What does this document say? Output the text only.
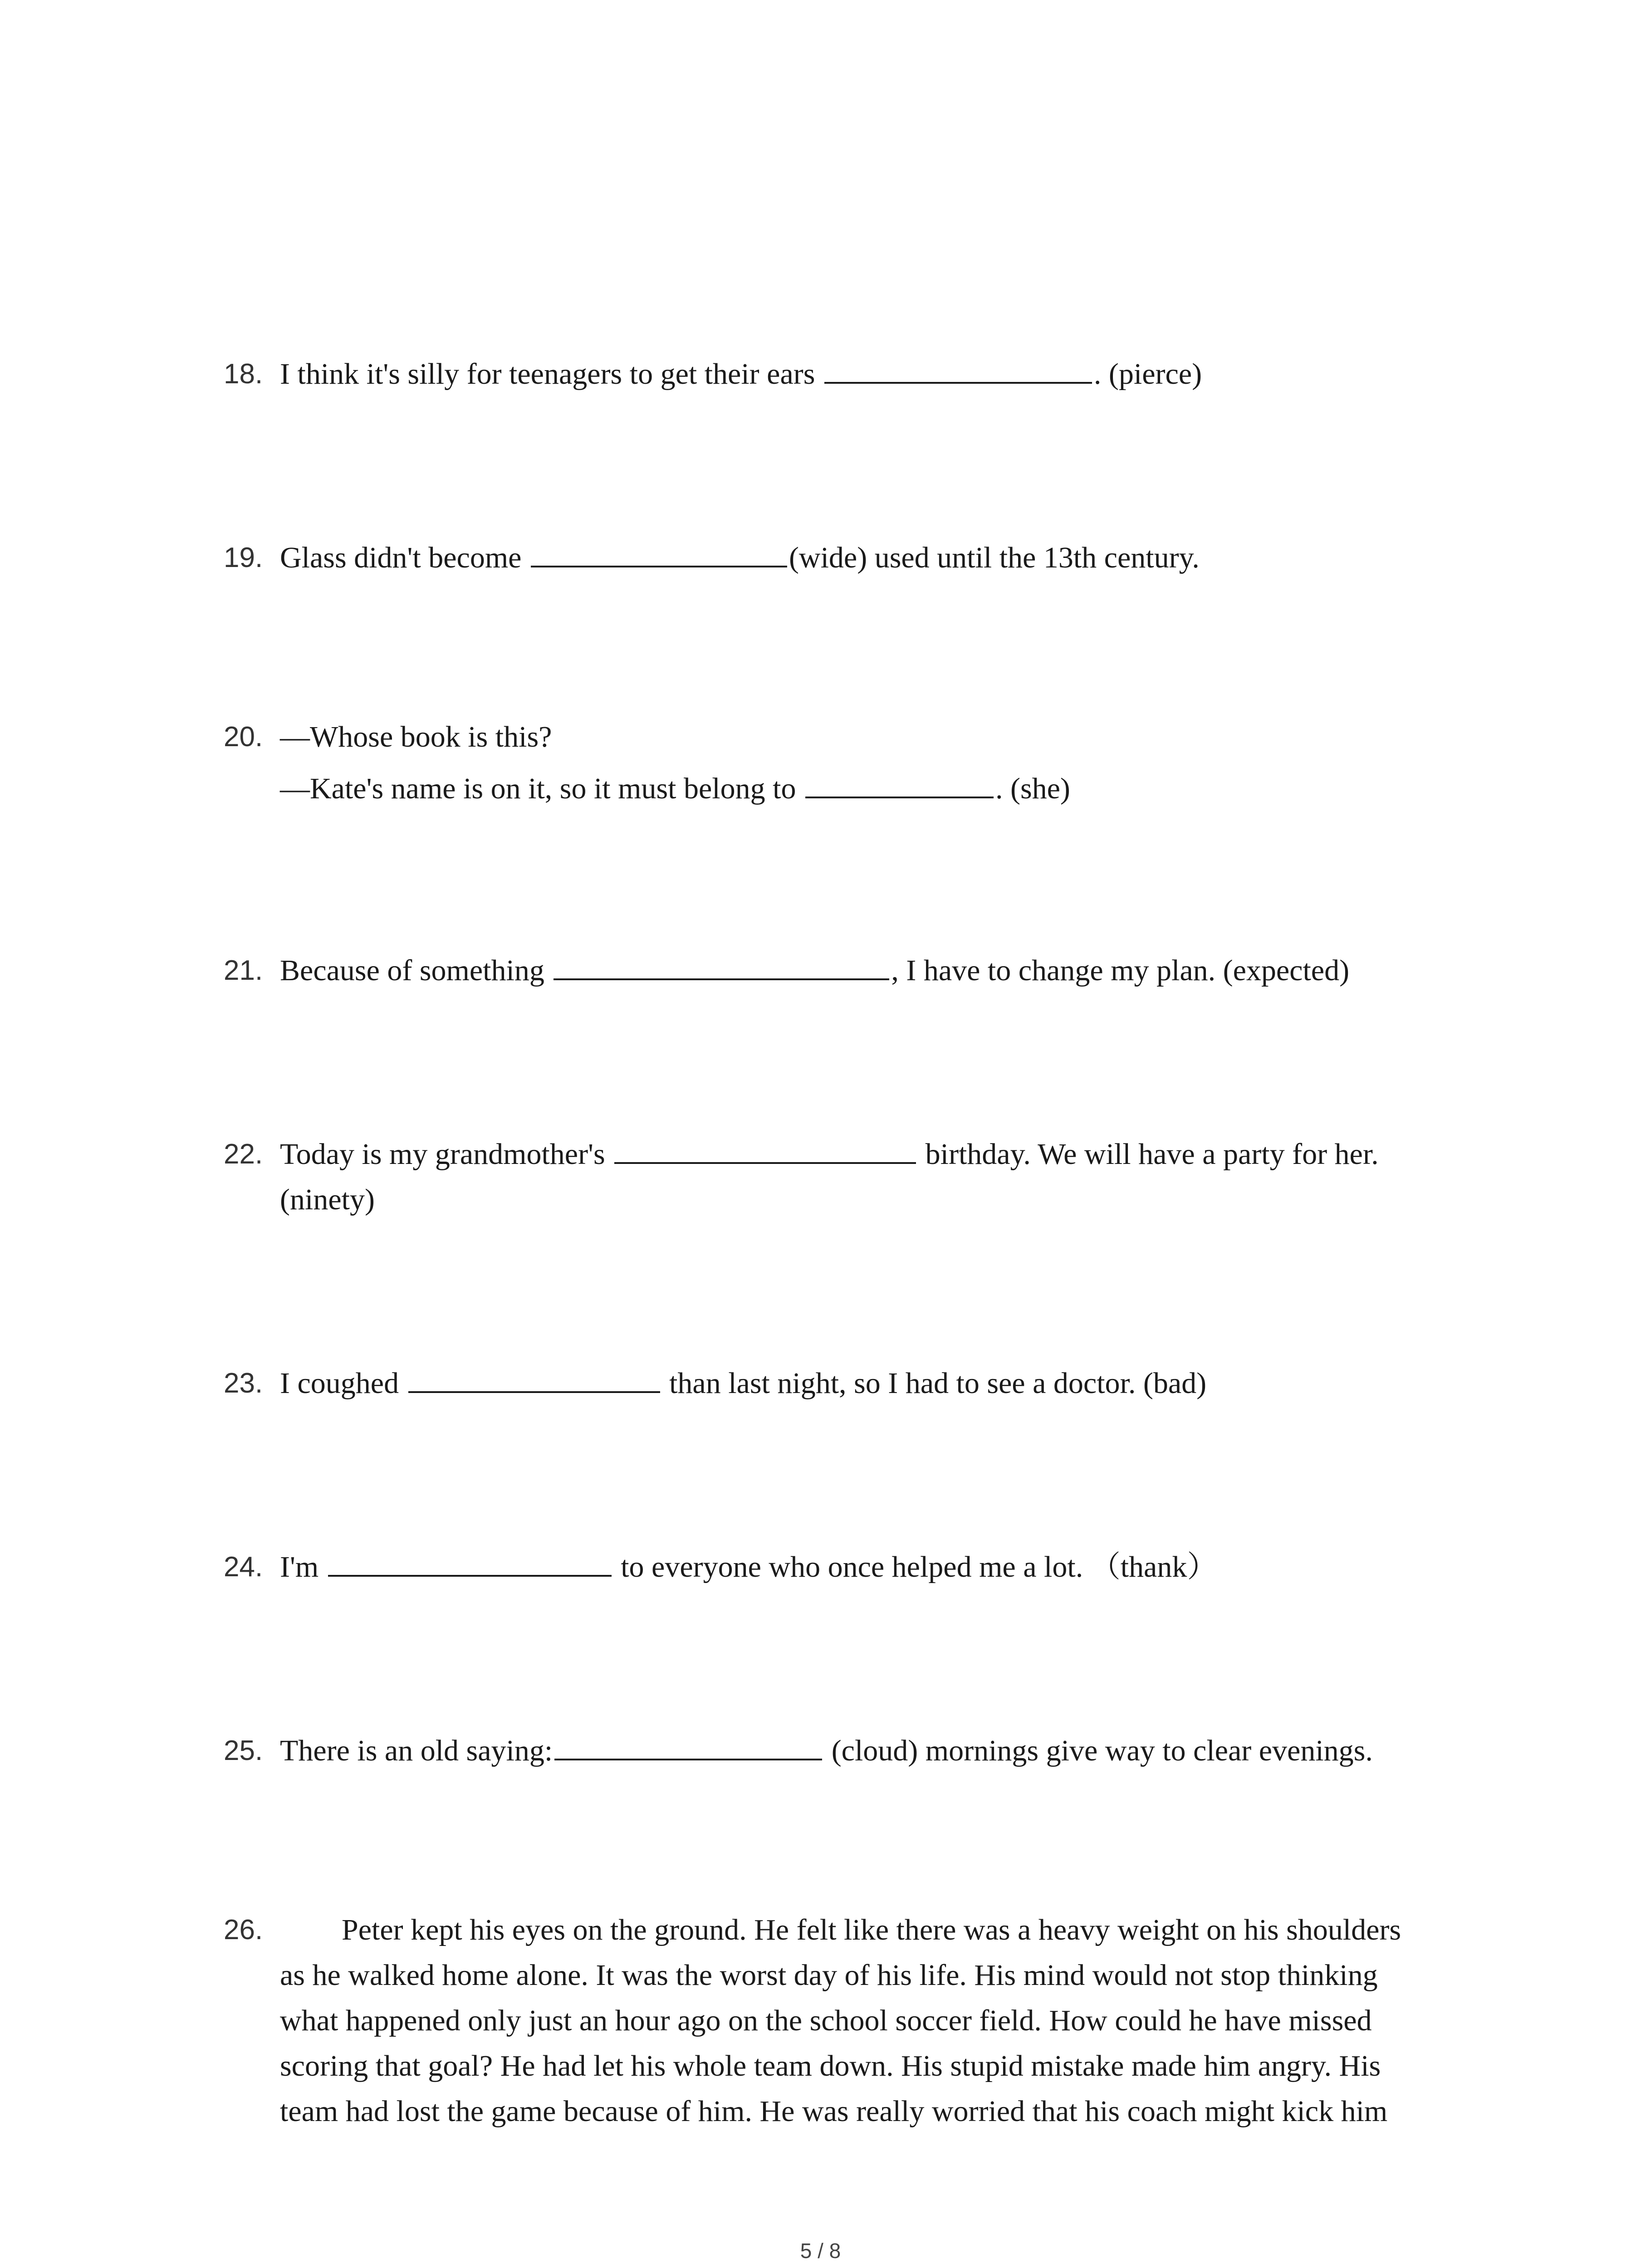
18. I think it's silly for teenagers to get their ears	. (pierce)
19. Glass didn't become	(wide) used until the 13th century.
20. —Whose book is this?
—Kate's name is on it, so it must belong to	. (she)
21. Because of something	, I have to change my plan. (expected)
22. Today is my grandmother's	birthday. We will have a party for her.
(ninety)
23. I coughed	than last night, so I had to see a doctor. (bad)
24. I'm	to everyone who once helped me a lot. （thank）
25. There is an old saying:	(cloud) mornings give way to clear evenings.
26.	Peter kept his eyes on the ground. He felt like there was a heavy weight on his shoulders
as he walked home alone. It was the worst day of his life. His mind would not stop thinking
what happened only just an hour ago on the school soccer field. How could he have missed
scoring that goal? He had let his whole team down. His stupid mistake made him angry. His
team had lost the game because of him. He was really worried that his coach might kick him
5 / 8
